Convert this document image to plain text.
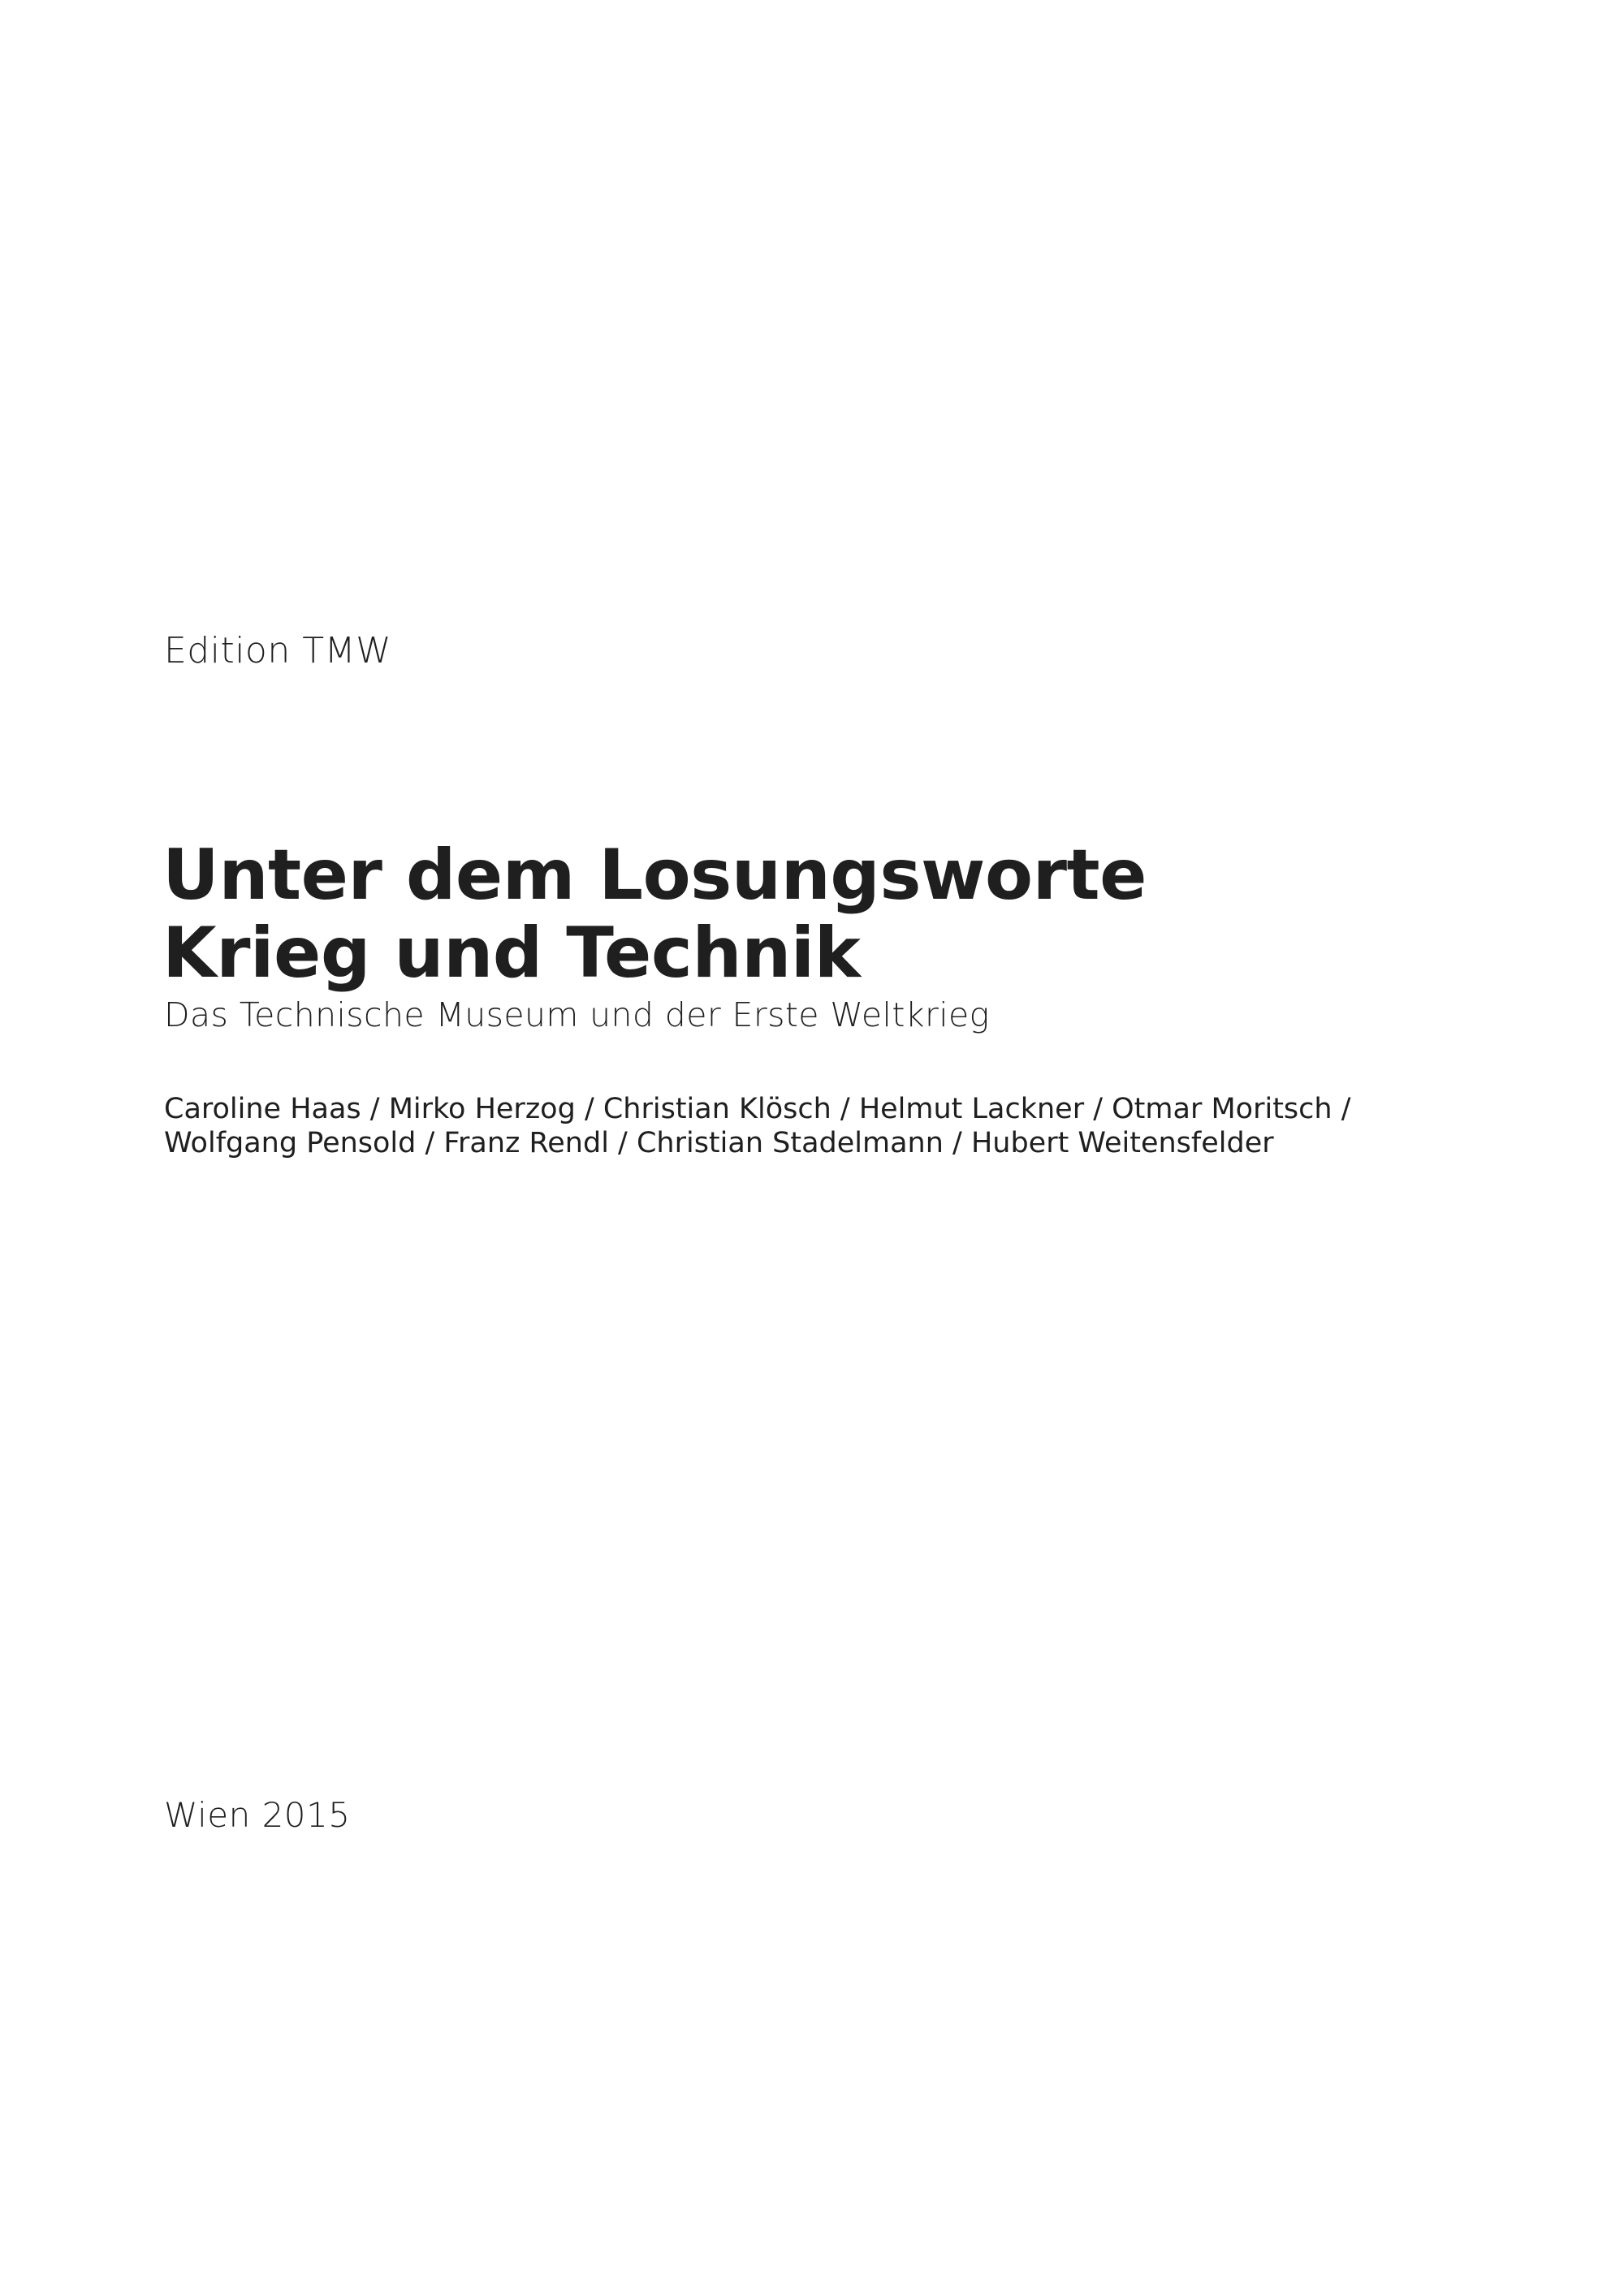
Edition TMW
Unter dem Losungsworte
Krieg und Technik
Das Technische Museum und der Erste Weltkrieg
Caroline Haas / Mirko Herzog / Christian Klösch / Helmut Lackner / Otmar Moritsch /
Wolfgang Pensold / Franz Rendl / Christian Stadelmann / Hubert Weitensfelder
Wien 2015
